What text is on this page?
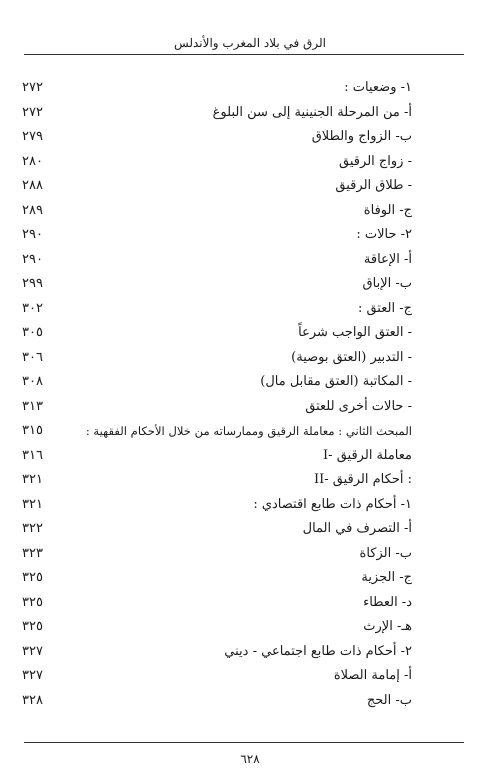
الرق في بلاد المغرب والأندلس
١- وضعيات :
٢٧٢
أ- من المرحلة الجنينية إلى سن البلوغ
٢٧٢
ب- الزواج والطلاق
٢٧٩
- زواج الرقيق
٢٨٠
- طلاق الرقيق
٢٨٨
ج- الوفاة
٢٨٩
٢- حالات :
٢٩٠
أ- الإعاقة
٢٩٠
ب- الإباق
٢٩٩
ج- العتق :
٣٠٢
- العتق الواجب شرعاً
٣٠٥
- التدبير (العتق بوصية)
٣٠٦
- المكاتبة (العتق مقابل مال)
٣٠٨
- حالات أخرى للعتق
٣١٣
المبحث الثاني : معاملة الرقيق وممارساته من خلال الأحكام الفقهية :
٣١٥
I- معاملة الرقيق
٣١٦
II- أحكام الرقيق :
٣٢١
١- أحكام ذات طابع اقتصادي :
٣٢١
أ- التصرف في المال
٣٢٢
ب- الزكاة
٣٢٣
ج- الجزية
٣٢٥
د- العطاء
٣٢٥
هـ- الإرث
٣٢٥
٢- أحكام ذات طابع اجتماعي - ديني
٣٢٧
أ- إمامة الصلاة
٣٢٧
ب- الحج
٣٢٨
٦٢٨
